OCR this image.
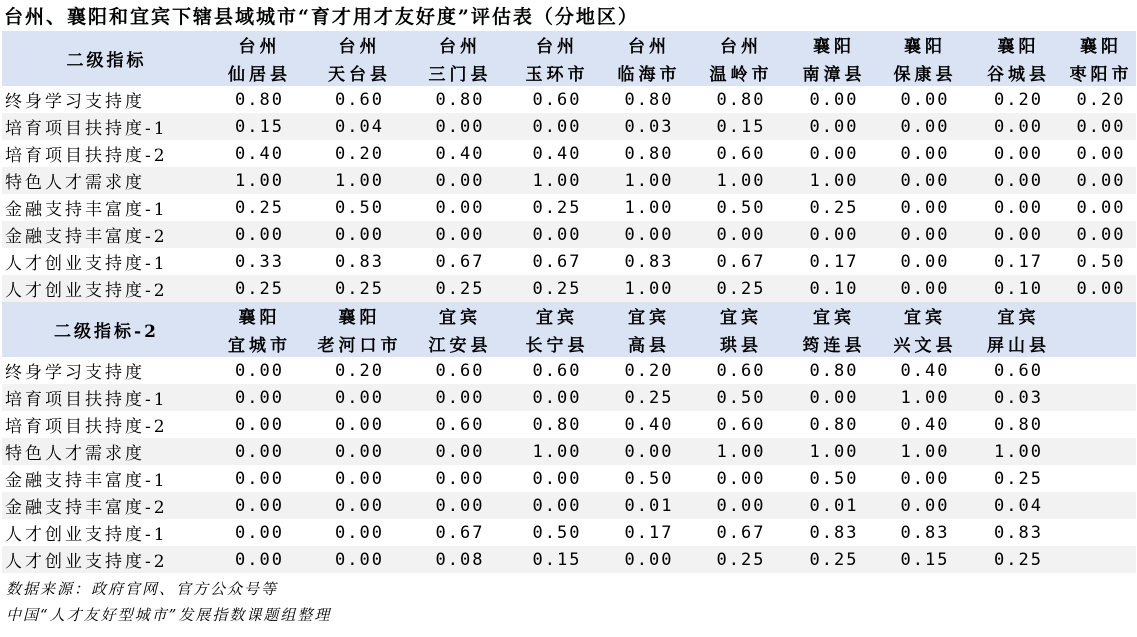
台州、襄阳和宜宾下辖县域城市“育才用才友好度”评估表（分地区）
二级指标	台州	台州	台州	台州	台州	台州	襄阳	襄阳	襄阳	襄阳
	仙居县	天台县	三门县	玉环市	临海市	温岭市	南漳县	保康县	谷城县	枣阳市
终身学习支持度	0.80	0.60	0.80	0.60	0.80	0.80	0.00	0.00	0.20	0.20
培育项目扶持度-1	0.15	0.04	0.00	0.00	0.03	0.15	0.00	0.00	0.00	0.00
培育项目扶持度-2	0.40	0.20	0.40	0.40	0.80	0.60	0.00	0.00	0.00	0.00
特色人才需求度	1.00	1.00	0.00	1.00	1.00	1.00	1.00	0.00	0.00	0.00
金融支持丰富度-1	0.25	0.50	0.00	0.25	1.00	0.50	0.25	0.00	0.00	0.00
金融支持丰富度-2	0.00	0.00	0.00	0.00	0.00	0.00	0.00	0.00	0.00	0.00
人才创业支持度-1	0.33	0.83	0.67	0.67	0.83	0.67	0.17	0.00	0.17	0.50
人才创业支持度-2	0.25	0.25	0.25	0.25	1.00	0.25	0.10	0.00	0.10	0.00
二级指标-2	襄阳	襄阳	宜宾	宜宾	宜宾	宜宾	宜宾	宜宾	宜宾	
	宜城市	老河口市	江安县	长宁县	高县	珙县	筠连县	兴文县	屏山县	
终身学习支持度	0.00	0.20	0.60	0.60	0.20	0.60	0.80	0.40	0.60	
培育项目扶持度-1	0.00	0.00	0.00	0.00	0.25	0.50	0.00	1.00	0.03	
培育项目扶持度-2	0.00	0.00	0.60	0.80	0.40	0.60	0.80	0.40	0.80	
特色人才需求度	0.00	0.00	0.00	1.00	0.00	1.00	1.00	1.00	1.00	
金融支持丰富度-1	0.00	0.00	0.00	0.00	0.50	0.00	0.50	0.00	0.25	
金融支持丰富度-2	0.00	0.00	0.00	0.00	0.01	0.00	0.01	0.00	0.04	
人才创业支持度-1	0.00	0.00	0.67	0.50	0.17	0.67	0.83	0.83	0.83	
人才创业支持度-2	0.00	0.00	0.08	0.15	0.00	0.25	0.25	0.15	0.25	
数据来源：政府官网、官方公众号等
中国“人才友好型城市”发展指数课题组整理
